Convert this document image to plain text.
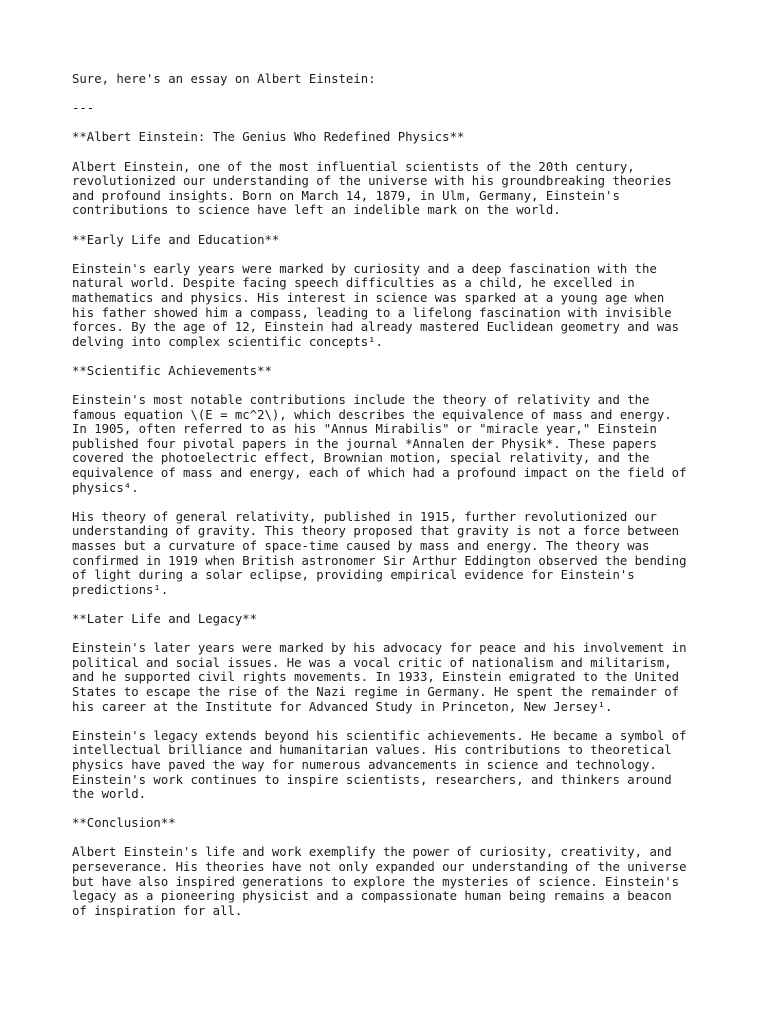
Sure, here's an essay on Albert Einstein:

---

**Albert Einstein: The Genius Who Redefined Physics**

Albert Einstein, one of the most influential scientists of the 20th century,
revolutionized our understanding of the universe with his groundbreaking theories
and profound insights. Born on March 14, 1879, in Ulm, Germany, Einstein's
contributions to science have left an indelible mark on the world.

**Early Life and Education**

Einstein's early years were marked by curiosity and a deep fascination with the
natural world. Despite facing speech difficulties as a child, he excelled in
mathematics and physics. His interest in science was sparked at a young age when
his father showed him a compass, leading to a lifelong fascination with invisible
forces. By the age of 12, Einstein had already mastered Euclidean geometry and was
delving into complex scientific concepts¹.

**Scientific Achievements**

Einstein's most notable contributions include the theory of relativity and the
famous equation \(E = mc^2\), which describes the equivalence of mass and energy.
In 1905, often referred to as his "Annus Mirabilis" or "miracle year," Einstein
published four pivotal papers in the journal *Annalen der Physik*. These papers
covered the photoelectric effect, Brownian motion, special relativity, and the
equivalence of mass and energy, each of which had a profound impact on the field of
physics⁴.

His theory of general relativity, published in 1915, further revolutionized our
understanding of gravity. This theory proposed that gravity is not a force between
masses but a curvature of space-time caused by mass and energy. The theory was
confirmed in 1919 when British astronomer Sir Arthur Eddington observed the bending
of light during a solar eclipse, providing empirical evidence for Einstein's
predictions¹.

**Later Life and Legacy**

Einstein's later years were marked by his advocacy for peace and his involvement in
political and social issues. He was a vocal critic of nationalism and militarism,
and he supported civil rights movements. In 1933, Einstein emigrated to the United
States to escape the rise of the Nazi regime in Germany. He spent the remainder of
his career at the Institute for Advanced Study in Princeton, New Jersey¹.

Einstein's legacy extends beyond his scientific achievements. He became a symbol of
intellectual brilliance and humanitarian values. His contributions to theoretical
physics have paved the way for numerous advancements in science and technology.
Einstein's work continues to inspire scientists, researchers, and thinkers around
the world.

**Conclusion**

Albert Einstein's life and work exemplify the power of curiosity, creativity, and
perseverance. His theories have not only expanded our understanding of the universe
but have also inspired generations to explore the mysteries of science. Einstein's
legacy as a pioneering physicist and a compassionate human being remains a beacon
of inspiration for all.
